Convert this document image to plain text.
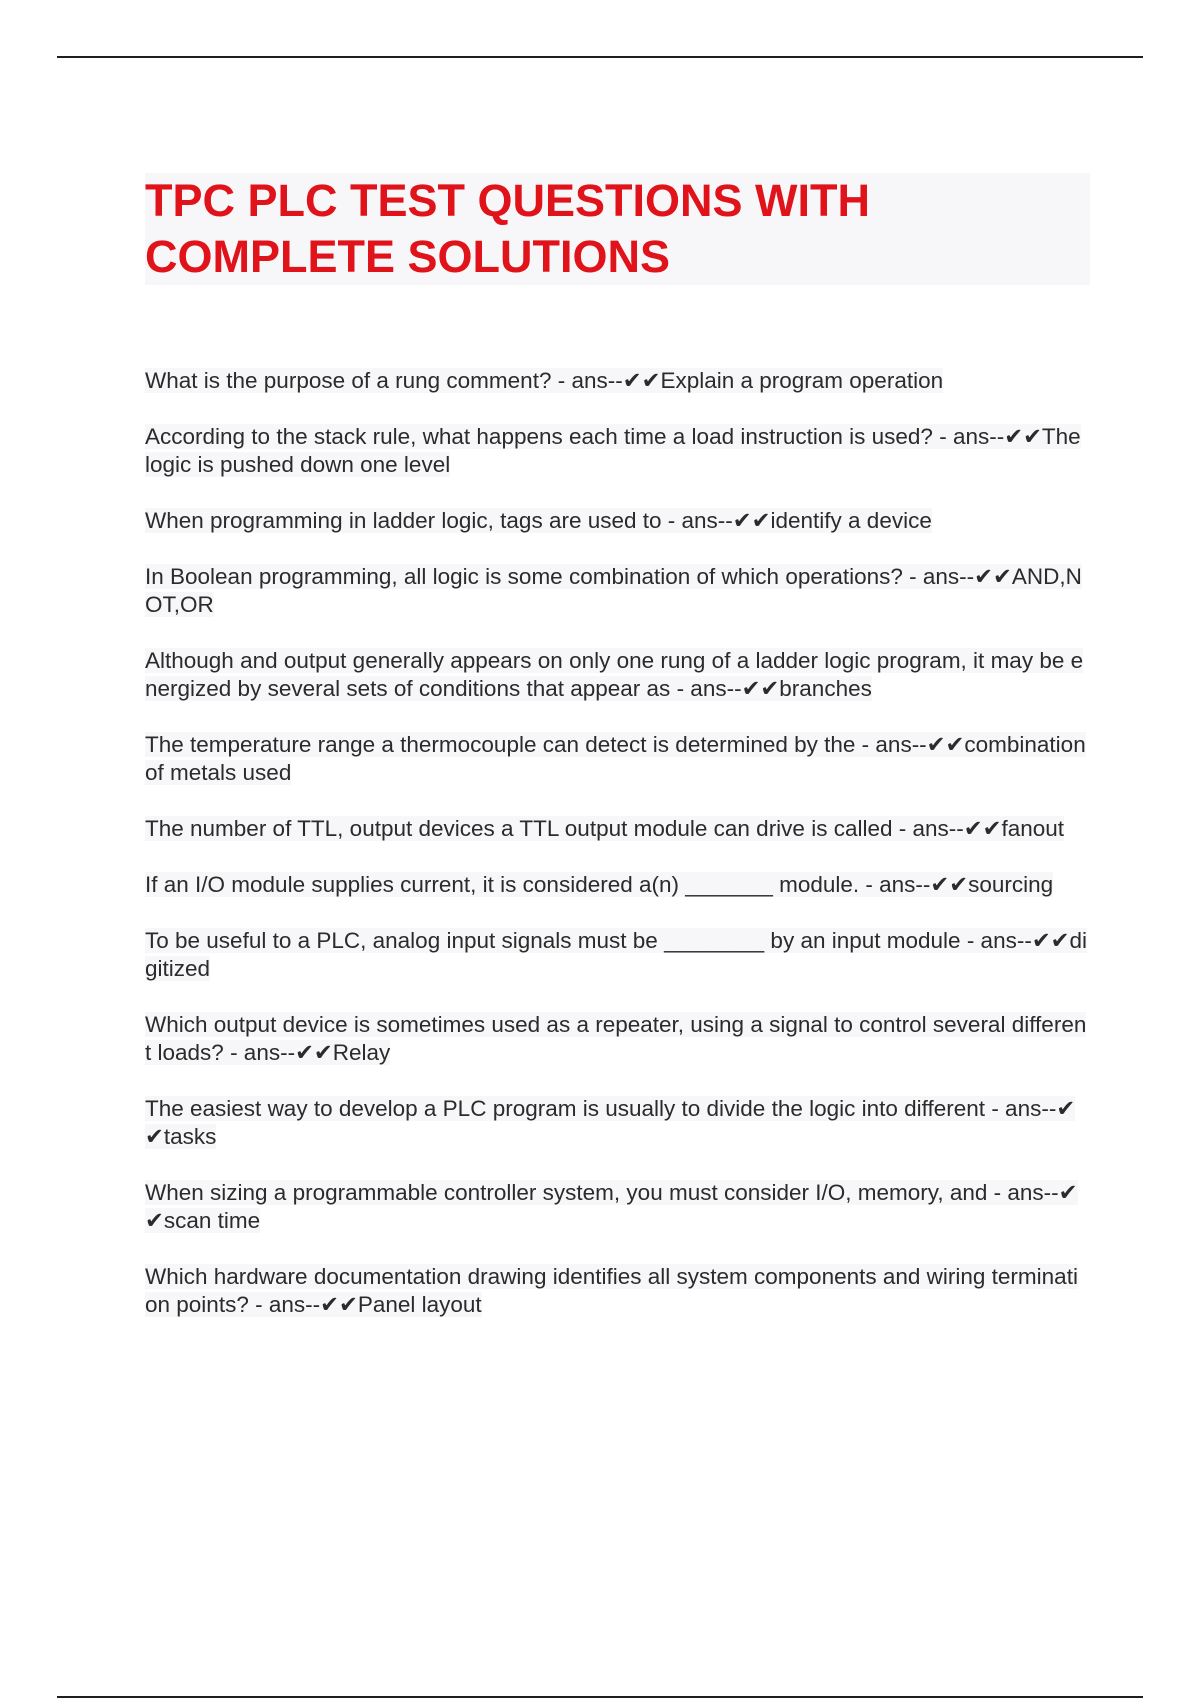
TPC PLC TEST QUESTIONS WITH COMPLETE SOLUTIONS

What is the purpose of a rung comment? - ans--✔✔Explain a program operation

According to the stack rule, what happens each time a load instruction is used? - ans--✔✔The logic is pushed down one level

When programming in ladder logic, tags are used to - ans--✔✔identify a device

In Boolean programming, all logic is some combination of which operations? - ans--✔✔AND,NOT,OR

Although and output generally appears on only one rung of a ladder logic program, it may be energized by several sets of conditions that appear as - ans--✔✔branches

The temperature range a thermocouple can detect is determined by the - ans--✔✔combination of metals used

The number of TTL, output devices a TTL output module can drive is called - ans--✔✔fanout

If an I/O module supplies current, it is considered a(n) _______ module. - ans--✔✔sourcing

To be useful to a PLC, analog input signals must be ________ by an input module - ans--✔✔digitized

Which output device is sometimes used as a repeater, using a signal to control several different loads? - ans--✔✔Relay

The easiest way to develop a PLC program is usually to divide the logic into different - ans--✔✔tasks

When sizing a programmable controller system, you must consider I/O, memory, and - ans--✔✔scan time

Which hardware documentation drawing identifies all system components and wiring termination points? - ans--✔✔Panel layout
